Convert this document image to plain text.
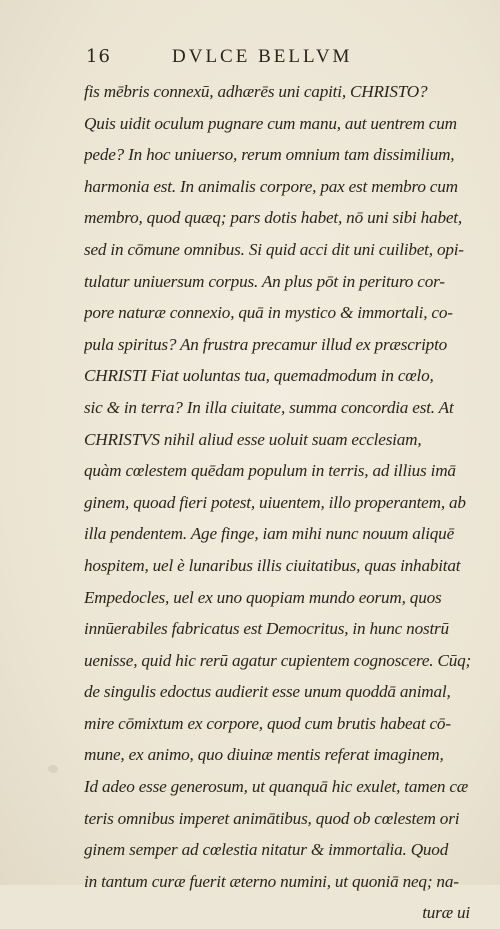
16	DVLCE BELLVM
fis mēbris connexū, adhærēs uni capiti, CHRISTO?
Quis uidit oculum pugnare cum manu, aut uentrem cum
pede? In hoc uniuerso, rerum omnium tam dissimilium,
harmonia est. In animalis corpore, pax est membro cum
membro, quod quæq; pars dotis habet, nō uni sibi habet,
sed in cōmune omnibus. Si quid acci dit uni cuilibet, opi-
tulatur uniuersum corpus. An plus pōt in perituro cor-
pore naturæ connexio, quā in mystico & immortali, co-
pula spiritus? An frustra precamur illud ex præscripto
CHRISTI Fiat uoluntas tua, quemadmodum in cœlo,
sic & in terra? In illa ciuitate, summa concordia est. At
CHRISTVS nihil aliud esse uoluit suam ecclesiam,
quàm cœlestem quēdam populum in terris, ad illius imā
ginem, quoad fieri potest, uiuentem, illo properantem, ab
illa pendentem. Age finge, iam mihi nunc nouum aliquē
hospitem, uel è lunaribus illis ciuitatibus, quas inhabitat
Empedocles, uel ex uno quopiam mundo eorum, quos
innūerabiles fabricatus est Democritus, in hunc nostrū
uenisse, quid hic rerū agatur cupientem cognoscere. Cūq;
de singulis edoctus audierit esse unum quoddā animal,
mire cōmixtum ex corpore, quod cum brutis habeat cō-
mune, ex animo, quo diuinæ mentis referat imaginem,
Id adeo esse generosum, ut quanquā hic exulet, tamen cæ
teris omnibus imperet animātibus, quod ob cœlestem ori
ginem semper ad cœlestia nitatur & immortalia. Quod
in tantum curæ fuerit æterno numini, ut quoniā neq; na-
turæ ui
